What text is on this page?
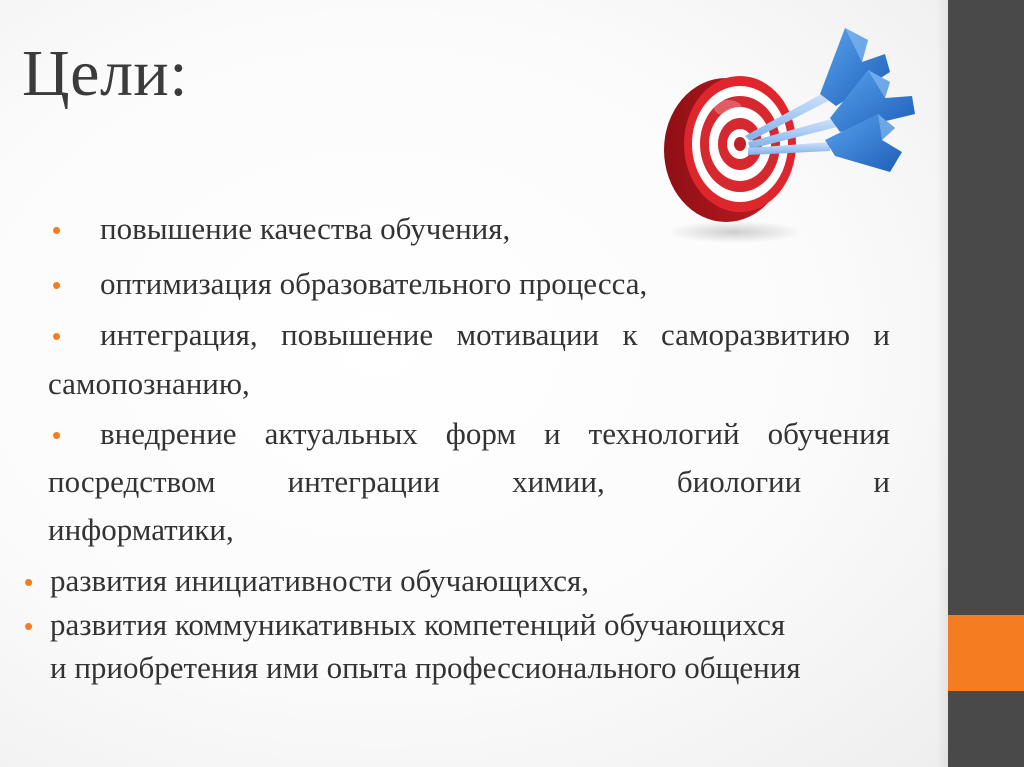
Цели:
• повышение качества обучения,
• оптимизация образовательного процесса,
• интеграция, повышение мотивации к саморазвитию и
самопознанию,
• внедрение актуальных форм и технологий обучения
посредством интеграции химии, биологии и
информатики,
• развития инициативности обучающихся,
• развития коммуникативных компетенций обучающихся
и приобретения ими опыта профессионального общения
